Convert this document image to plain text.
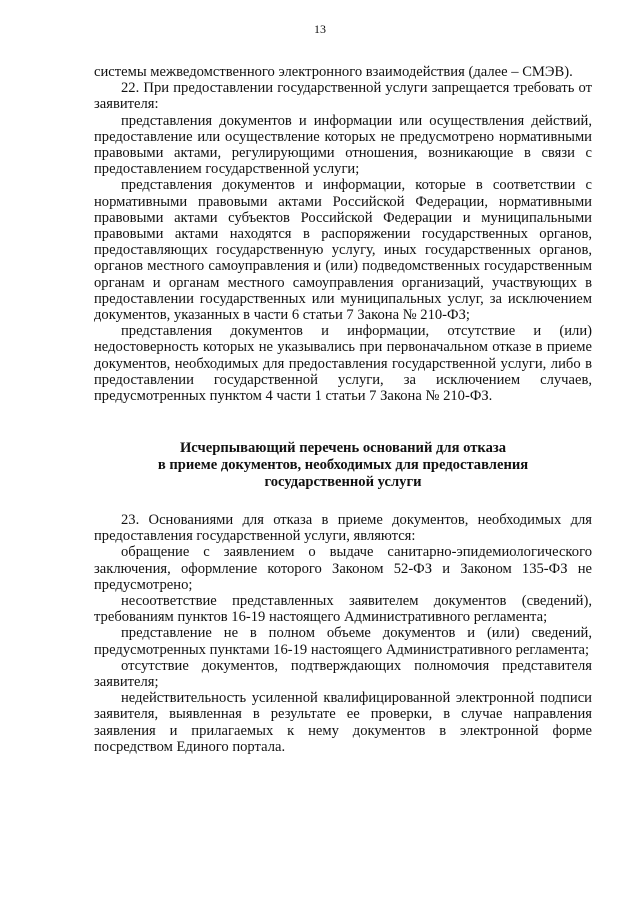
13

системы межведомственного электронного взаимодействия (далее – СМЭВ).

22. При предоставлении государственной услуги запрещается требовать от заявителя:

представления документов и информации или осуществления действий, предоставление или осуществление которых не предусмотрено нормативными правовыми актами, регулирующими отношения, возникающие в связи с предоставлением государственной услуги;

представления документов и информации, которые в соответствии с нормативными правовыми актами Российской Федерации, нормативными правовыми актами субъектов Российской Федерации и муниципальными правовыми актами находятся в распоряжении государственных органов, предоставляющих государственную услугу, иных государственных органов, органов местного самоуправления и (или) подведомственных государственным органам и органам местного самоуправления организаций, участвующих в предоставлении государственных или муниципальных услуг, за исключением документов, указанных в части 6 статьи 7 Закона № 210-ФЗ;

представления документов и информации, отсутствие и (или) недостоверность которых не указывались при первоначальном отказе в приеме документов, необходимых для предоставления государственной услуги, либо в предоставлении государственной услуги, за исключением случаев, предусмотренных пунктом 4 части 1 статьи 7 Закона № 210-ФЗ.

Исчерпывающий перечень оснований для отказа
в приеме документов, необходимых для предоставления
государственной услуги

23. Основаниями для отказа в приеме документов, необходимых для предоставления государственной услуги, являются:

обращение с заявлением о выдаче санитарно-эпидемиологического заключения, оформление которого Законом 52-ФЗ и Законом 135-ФЗ не предусмотрено;

несоответствие представленных заявителем документов (сведений), требованиям пунктов 16-19 настоящего Административного регламента;

представление не в полном объеме документов и (или) сведений, предусмотренных пунктами 16-19 настоящего Административного регламента;

отсутствие документов, подтверждающих полномочия представителя заявителя;

недействительность усиленной квалифицированной электронной подписи заявителя, выявленная в результате ее проверки, в случае направления заявления и прилагаемых к нему документов в электронной форме посредством Единого портала.
